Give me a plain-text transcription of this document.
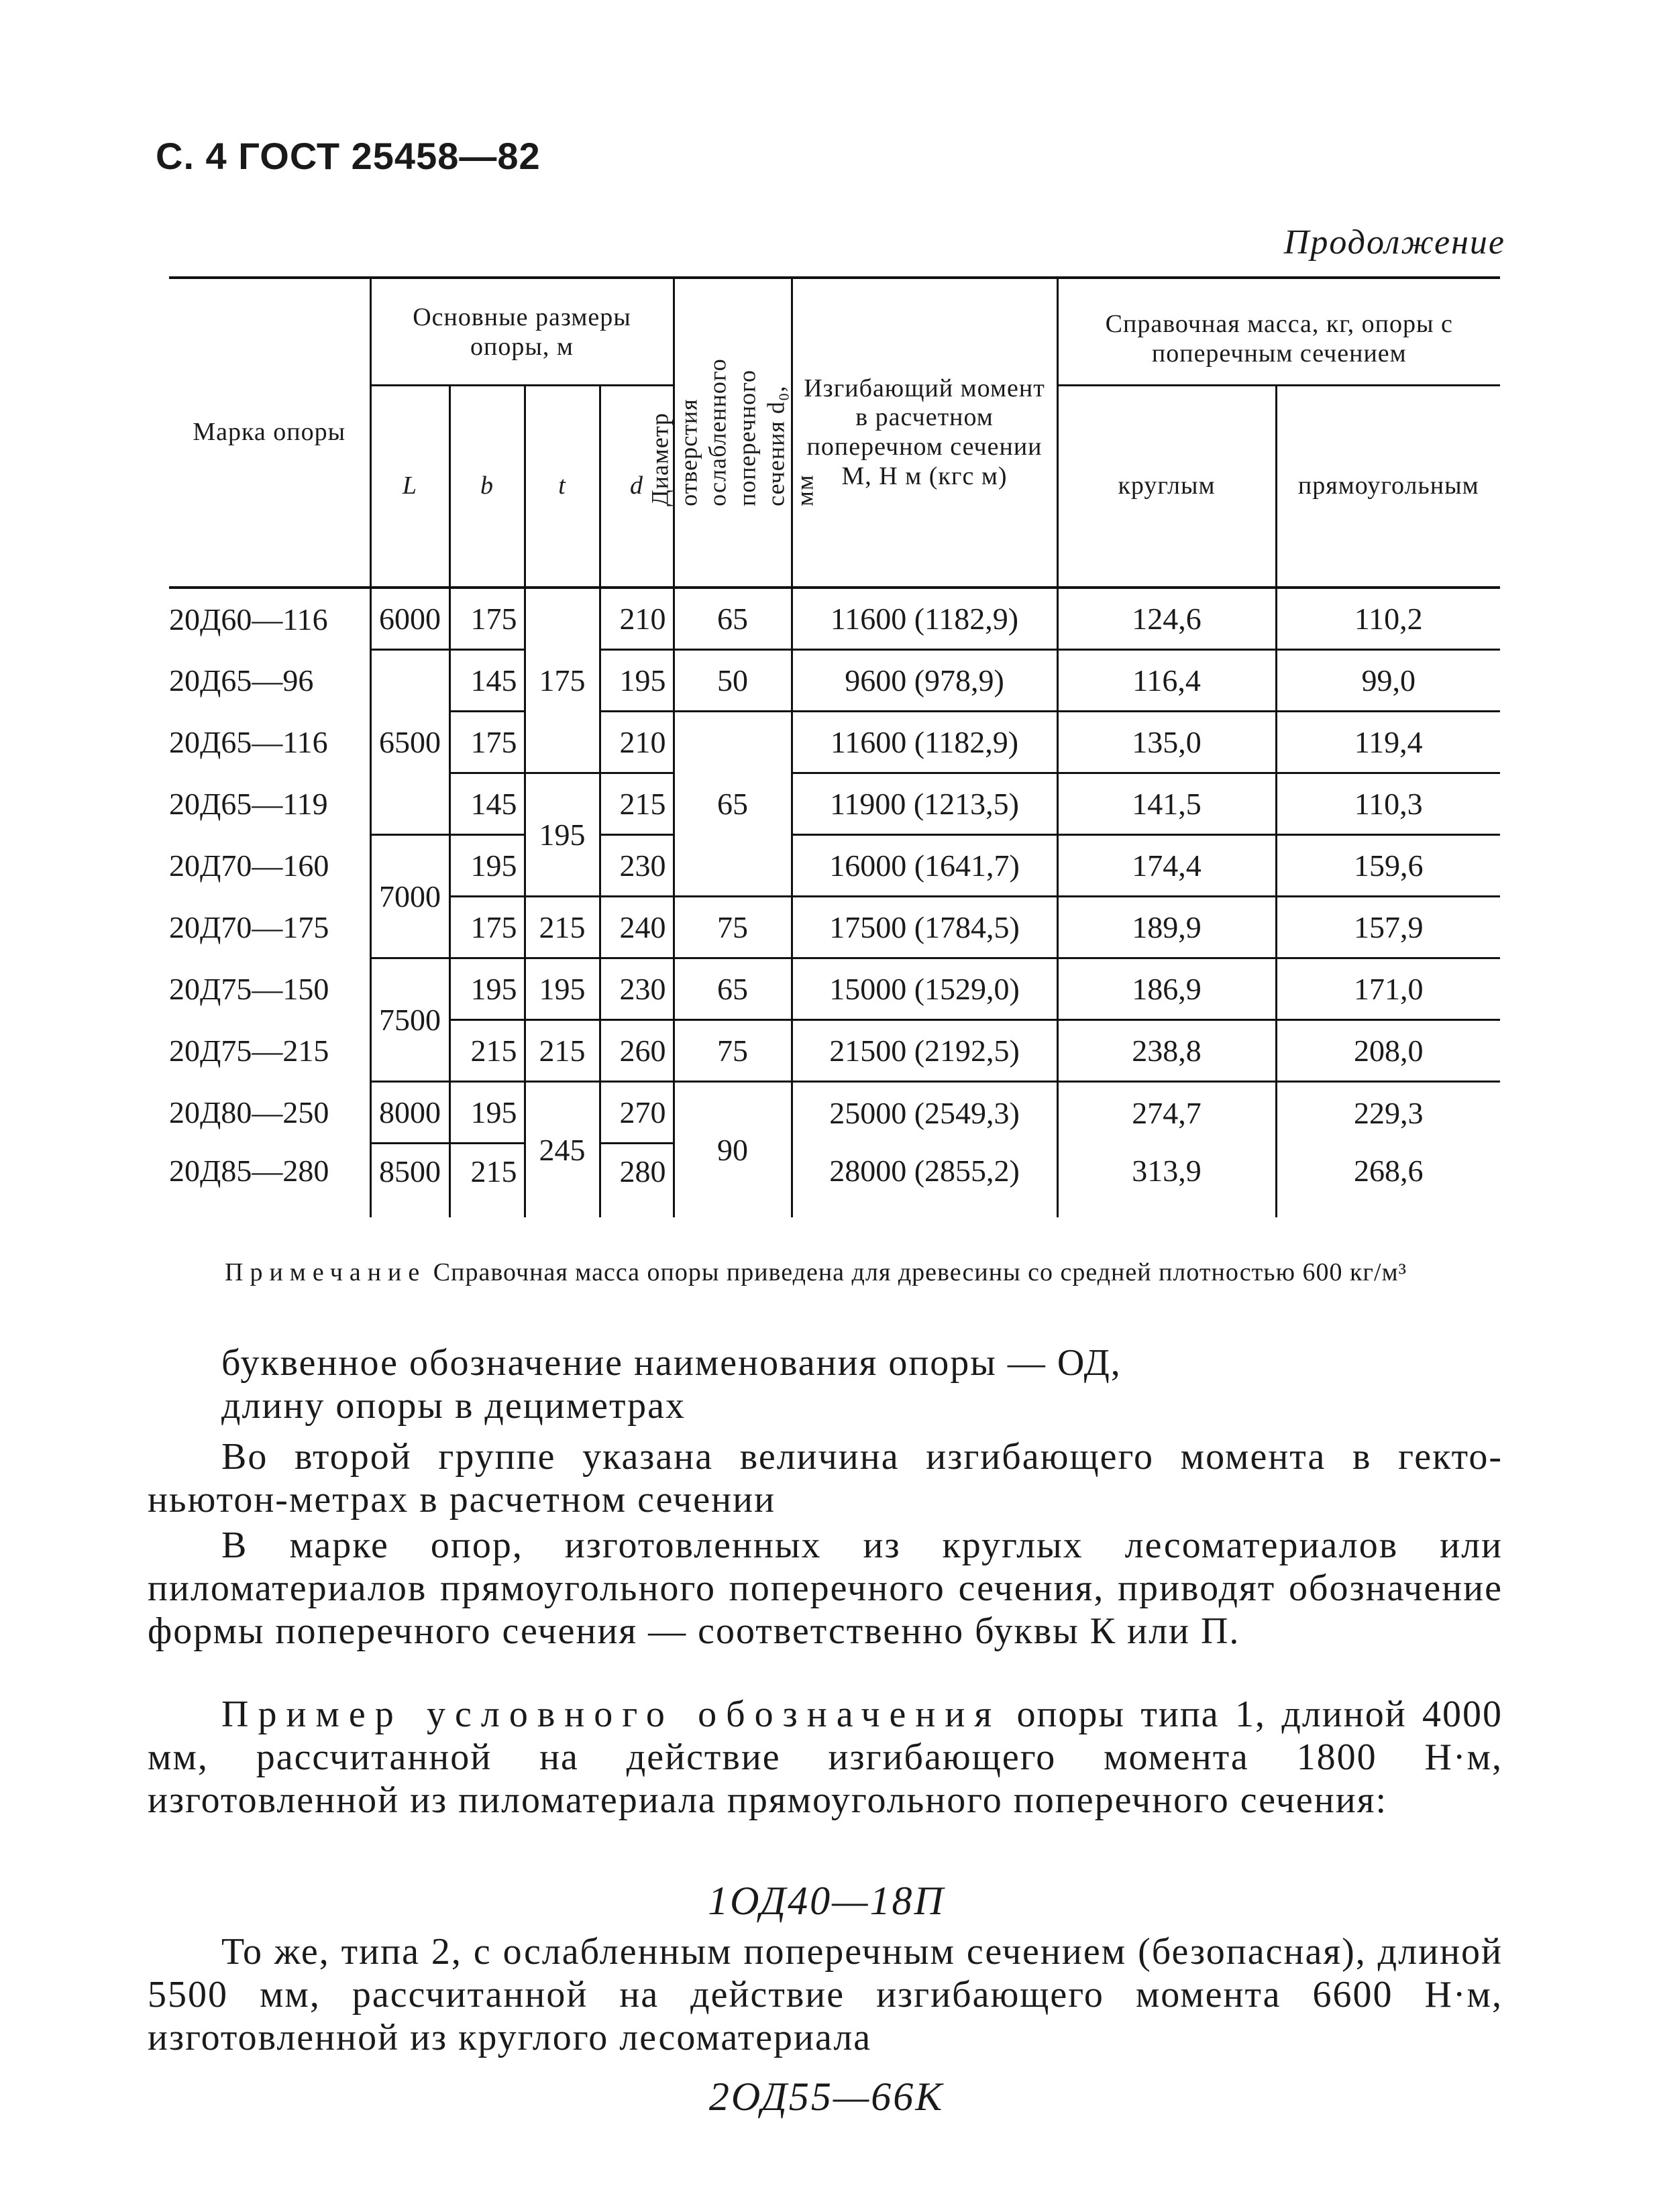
С. 4 ГОСТ 25458—82
Продолжение
Марка опоры	Основные размеры опоры, м				Диаметр отверстия ослабленного поперечного сечения d₀, мм	Изгибающий момент в расчетном поперечном сечении M, Н м (кгс м)	Справочная масса, кг, опоры с поперечным сечением	
	L	b	t	d			круглым	прямоугольным
20Д60—116	6000	175	175	210	65	11600 (1182,9)	124,6	110,2
20Д65—96	6500	145		195	50	9600 (978,9)	116,4	99,0
20Д65—116		175		210	65	11600 (1182,9)	135,0	119,4
20Д65—119		145	195	215		11900 (1213,5)	141,5	110,3
20Д70—160	7000	195		230		16000 (1641,7)	174,4	159,6
20Д70—175		175	215	240	75	17500 (1784,5)	189,9	157,9
20Д75—150	7500	195	195	230	65	15000 (1529,0)	186,9	171,0
20Д75—215		215	215	260	75	21500 (2192,5)	238,8	208,0
20Д80—250	8000	195	245	270	90	25000 (2549,3)	274,7	229,3
20Д85—280	8500	215		280		28000 (2855,2)	313,9	268,6
Примечание Справочная масса опоры приведена для древесины со средней плотностью 600 кг/м³
буквенное обозначение наименования опоры — ОД,
длину опоры в дециметрах
Во второй группе указана величина изгибающего момента в гекто-ньютон-метрах в расчетном сечении
В марке опор, изготовленных из круглых лесоматериалов или пиломатериалов прямоугольного поперечного сечения, приводят обозначение формы поперечного сечения — соответственно буквы К или П.
Пример условного обозначения опоры типа 1, длиной 4000 мм, рассчитанной на действие изгибающего момента 1800 Н·м, изготовленной из пиломатериала прямоугольного поперечного сечения:
1ОД40—18П
То же, типа 2, с ослабленным поперечным сечением (безопасная), длиной 5500 мм, рассчитанной на действие изгибающего момента 6600 Н·м, изготовленной из круглого лесоматериала
2ОД55—66К
